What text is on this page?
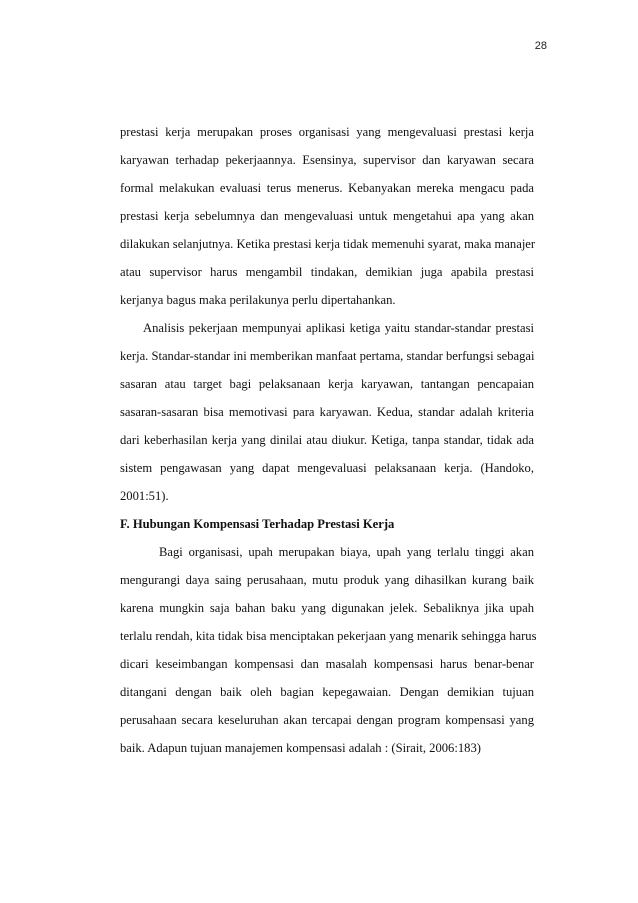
28
prestasi kerja merupakan proses organisasi yang mengevaluasi prestasi kerja
karyawan terhadap pekerjaannya. Esensinya, supervisor dan karyawan secara
formal melakukan evaluasi terus menerus. Kebanyakan mereka mengacu pada
prestasi kerja sebelumnya dan mengevaluasi untuk mengetahui apa yang akan
dilakukan selanjutnya. Ketika prestasi kerja tidak memenuhi syarat, maka manajer
atau supervisor harus mengambil tindakan, demikian juga apabila prestasi
kerjanya bagus maka perilakunya perlu dipertahankan.
Analisis pekerjaan mempunyai aplikasi ketiga yaitu standar-standar prestasi
kerja. Standar-standar ini memberikan manfaat pertama, standar berfungsi sebagai
sasaran atau target bagi pelaksanaan kerja karyawan, tantangan pencapaian
sasaran-sasaran bisa memotivasi para karyawan. Kedua, standar adalah kriteria
dari keberhasilan kerja yang dinilai atau diukur. Ketiga, tanpa standar, tidak ada
sistem pengawasan yang dapat mengevaluasi pelaksanaan kerja. (Handoko,
2001:51).
F. Hubungan Kompensasi Terhadap Prestasi Kerja
Bagi organisasi, upah merupakan biaya, upah yang terlalu tinggi akan
mengurangi daya saing perusahaan, mutu produk yang dihasilkan kurang baik
karena mungkin saja bahan baku yang digunakan jelek. Sebaliknya jika upah
terlalu rendah, kita tidak bisa menciptakan pekerjaan yang menarik sehingga harus
dicari keseimbangan kompensasi dan masalah kompensasi harus benar-benar
ditangani dengan baik oleh bagian kepegawaian. Dengan demikian tujuan
perusahaan secara keseluruhan akan tercapai dengan program kompensasi yang
baik. Adapun tujuan manajemen kompensasi adalah : (Sirait, 2006:183)
